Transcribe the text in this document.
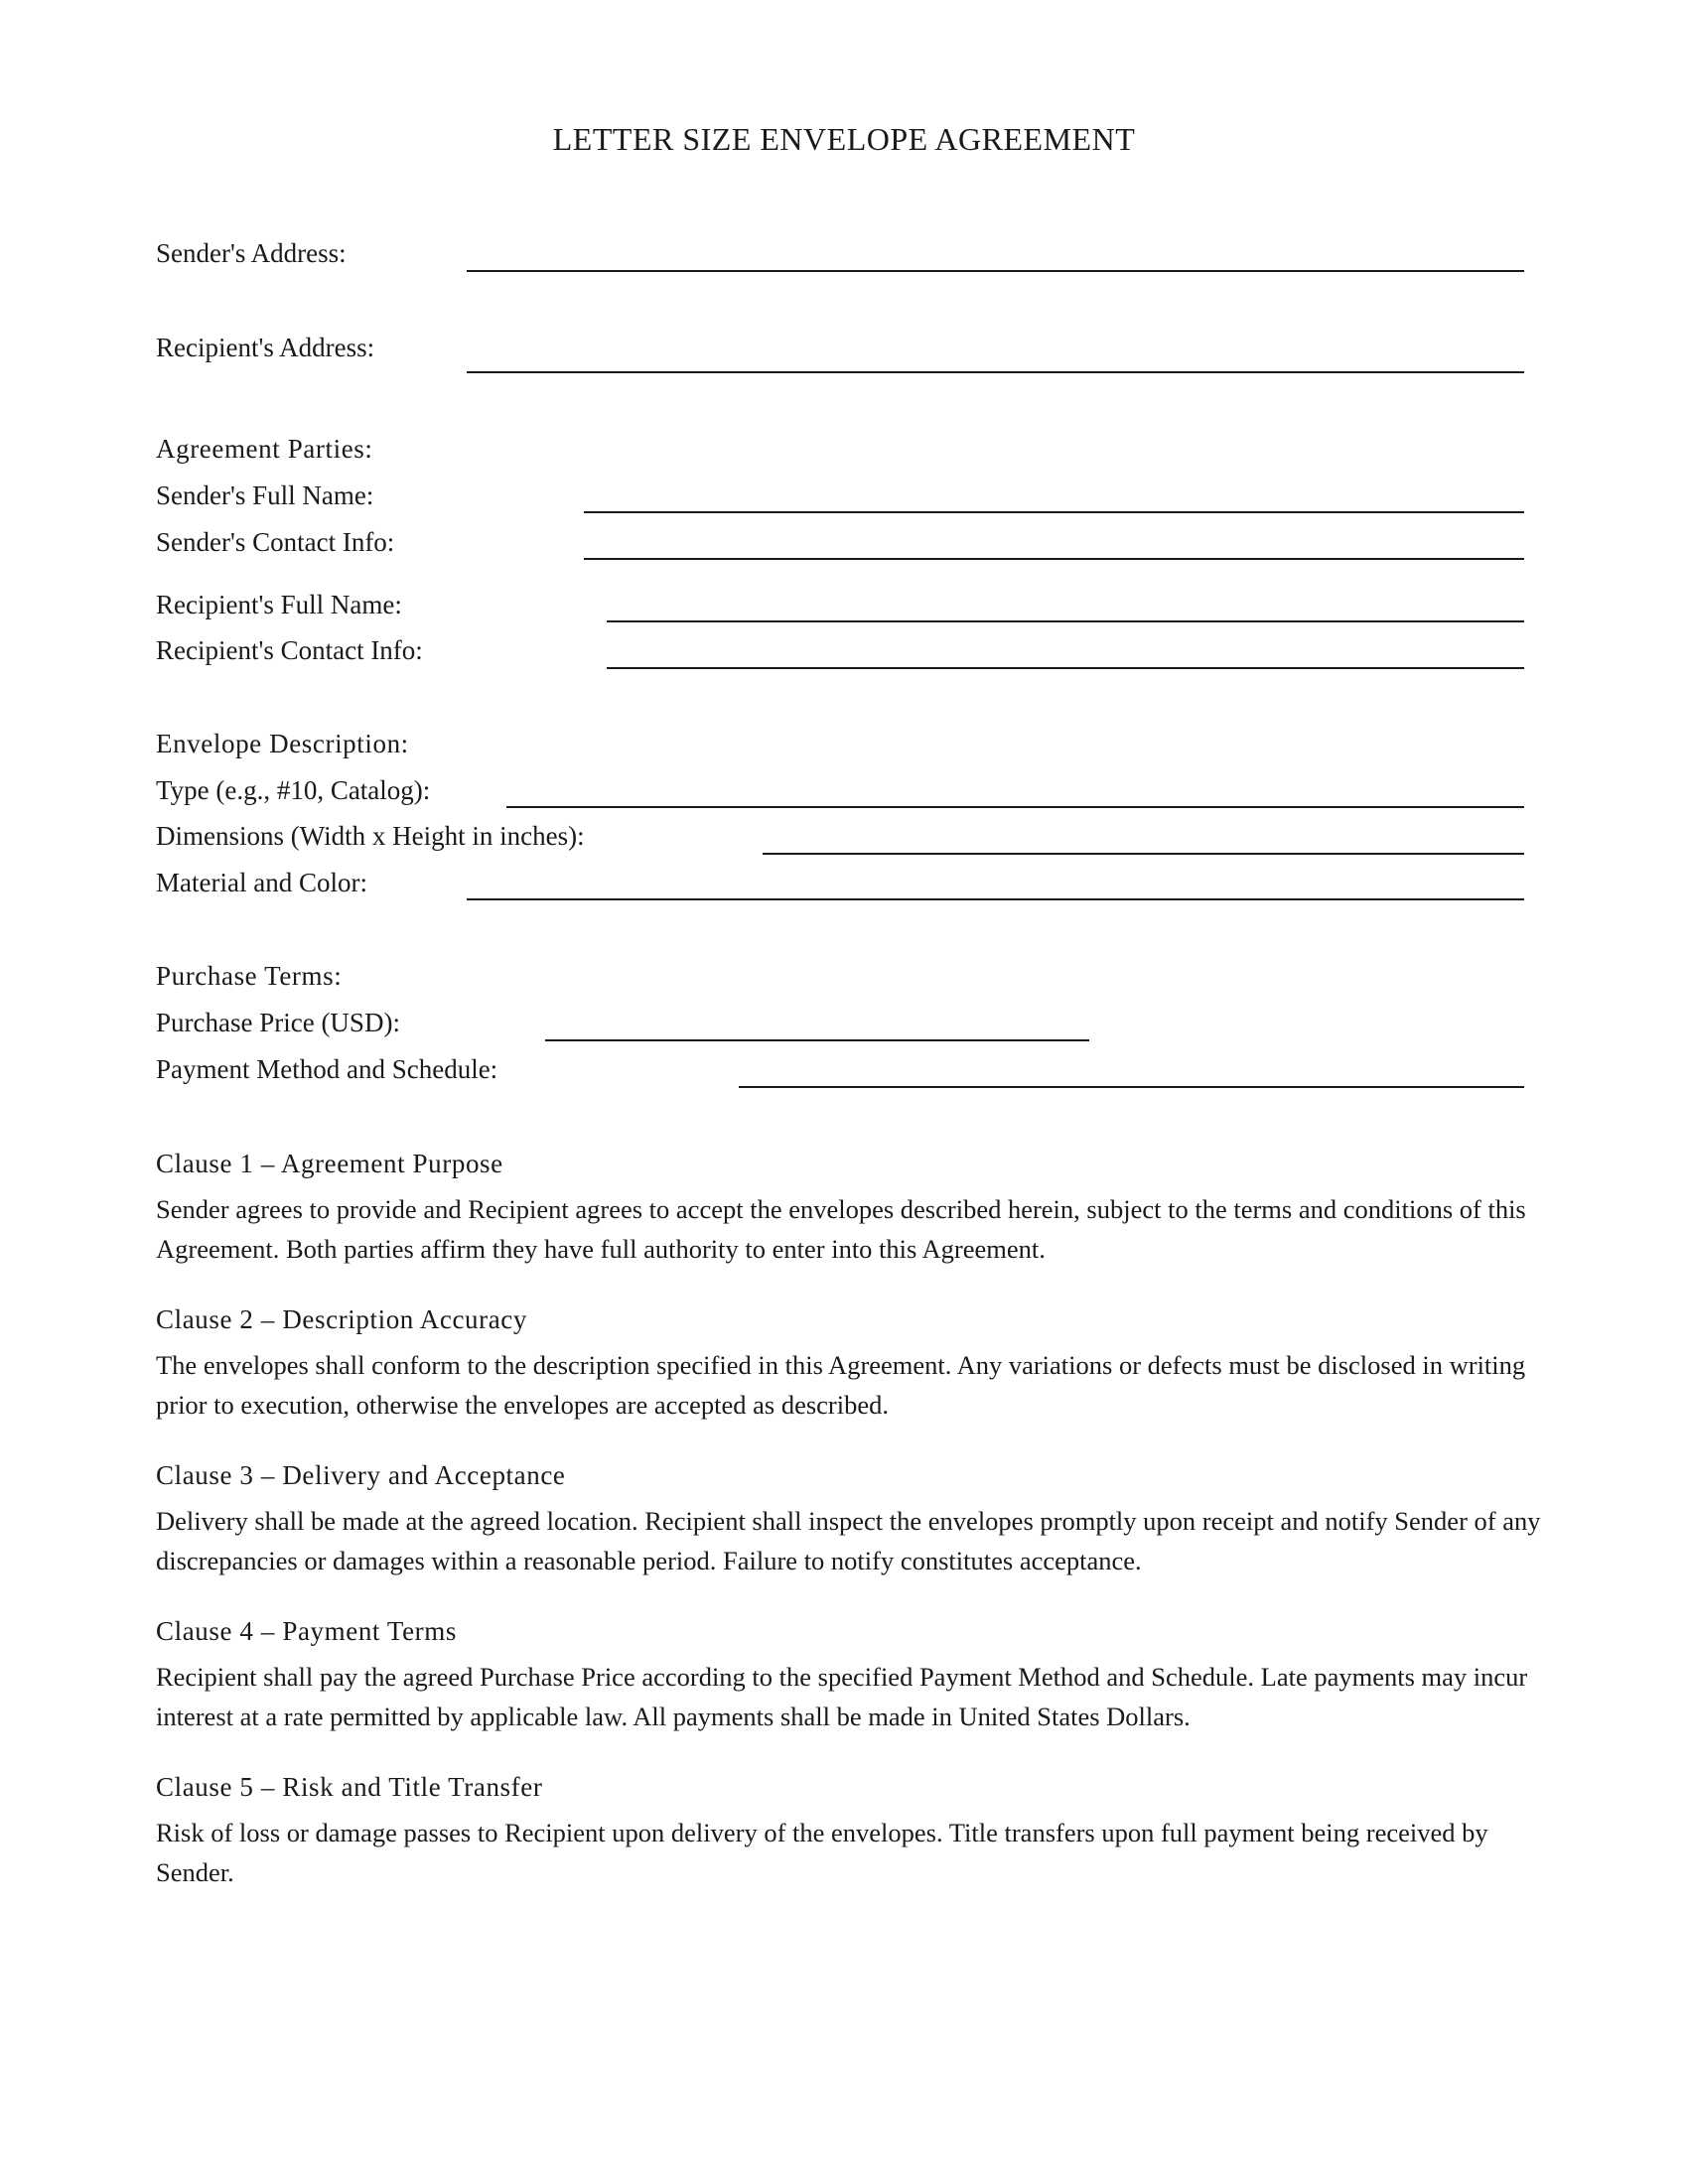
LETTER SIZE ENVELOPE AGREEMENT
Sender's Address:
Recipient's Address:
Agreement Parties:
Sender's Full Name:
Sender's Contact Info:
Recipient's Full Name:
Recipient's Contact Info:
Envelope Description:
Type (e.g., #10, Catalog):
Dimensions (Width x Height in inches):
Material and Color:
Purchase Terms:
Purchase Price (USD):
Payment Method and Schedule:
Clause 1 – Agreement Purpose
Sender agrees to provide and Recipient agrees to accept the envelopes described herein, subject to the terms and conditions of this Agreement. Both parties affirm they have full authority to enter into this Agreement.
Clause 2 – Description Accuracy
The envelopes shall conform to the description specified in this Agreement. Any variations or defects must be disclosed in writing prior to execution, otherwise the envelopes are accepted as described.
Clause 3 – Delivery and Acceptance
Delivery shall be made at the agreed location. Recipient shall inspect the envelopes promptly upon receipt and notify Sender of any discrepancies or damages within a reasonable period. Failure to notify constitutes acceptance.
Clause 4 – Payment Terms
Recipient shall pay the agreed Purchase Price according to the specified Payment Method and Schedule. Late payments may incur interest at a rate permitted by applicable law. All payments shall be made in United States Dollars.
Clause 5 – Risk and Title Transfer
Risk of loss or damage passes to Recipient upon delivery of the envelopes. Title transfers upon full payment being received by Sender.
